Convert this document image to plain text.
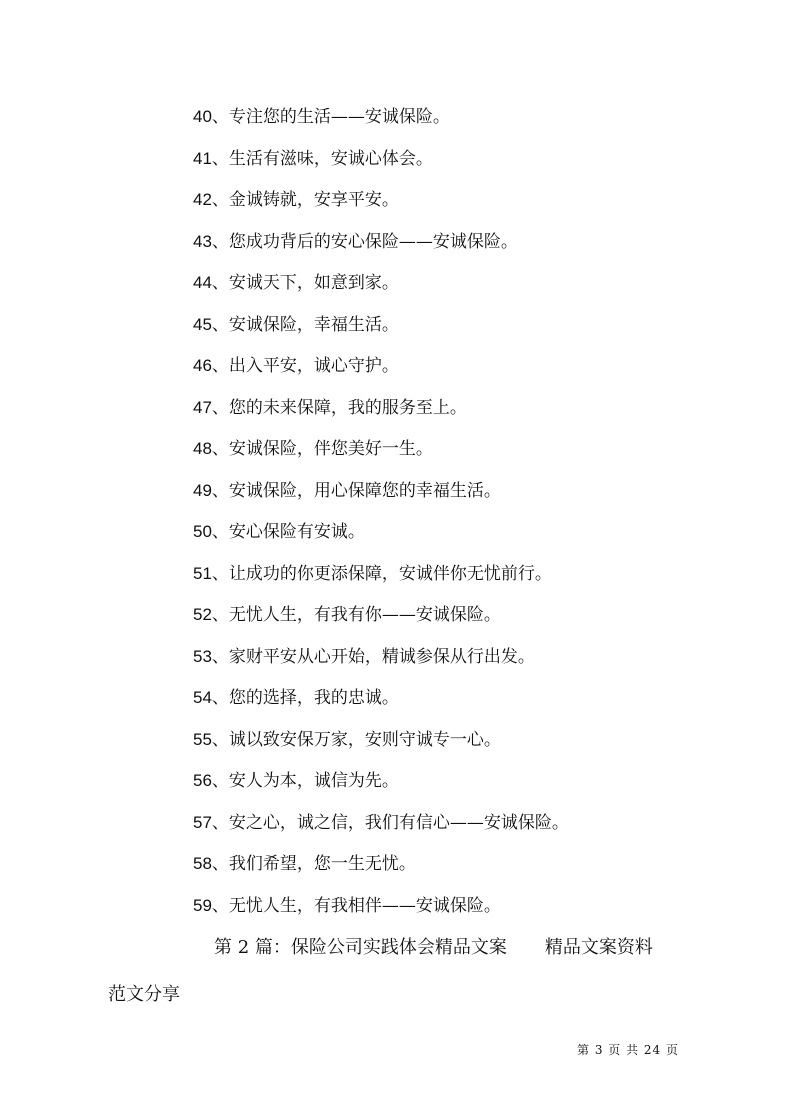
40、专注您的生活——安诚保险。
41、生活有滋味，安诚心体会。
42、金诚铸就，安享平安。
43、您成功背后的安心保险——安诚保险。
44、安诚天下，如意到家。
45、安诚保险，幸福生活。
46、出入平安，诚心守护。
47、您的未来保障，我的服务至上。
48、安诚保险，伴您美好一生。
49、安诚保险，用心保障您的幸福生活。
50、安心保险有安诚。
51、让成功的你更添保障，安诚伴你无忧前行。
52、无忧人生，有我有你——安诚保险。
53、家财平安从心开始，精诚参保从行出发。
54、您的选择，我的忠诚。
55、诚以致安保万家，安则守诚专一心。
56、安人为本，诚信为先。
57、安之心，诚之信，我们有信心——安诚保险。
58、我们希望，您一生无忧。
59、无忧人生，有我相伴——安诚保险。
第 2 篇：保险公司实践体会精品文案 精品文案资料
范文分享
第 3 页 共 24 页
